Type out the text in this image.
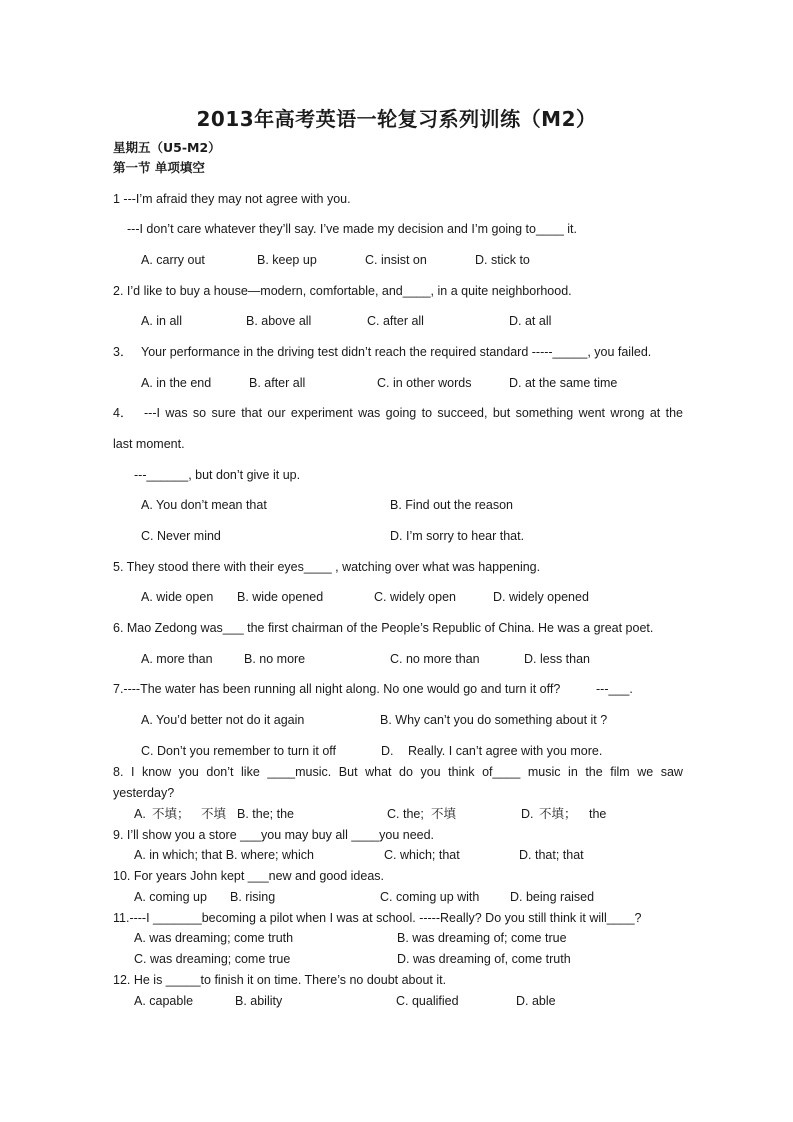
2013年高考英语一轮复习系列训练（M2）
星期五（U5-M2）
第一节 单项填空
1 ---I’m afraid they may not agree with you.
---I don’t care whatever they’ll say. I’ve made my decision and I’m going to____ it.
A. carry out	B. keep up	C. insist on	D. stick to
2. I’d like to buy a house—modern, comfortable, and____, in a quite neighborhood.
A. in all	B. above all	C. after all	D. at all
3． Your performance in the driving test didn’t reach the required standard -----_____, you failed.
A. in the end	B. after all	C. in other words	D. at the same time
4． ---I was so sure that our experiment was going to succeed, but something went wrong at the
last moment.
---______, but don’t give it up.
A. You don’t mean that	B. Find out the reason
C. Never mind	D. I’m sorry to hear that.
5. They stood there with their eyes____ , watching over what was happening.
A. wide open B. wide opened	C. widely open	D. widely opened
6. Mao Zedong was___ the first chairman of the People’s Republic of China. He was a great poet.
A. more than	B. no more	C. no more than	D. less than
7.----The water has been running all night along. No one would go and turn it off?	---___.
A. You’d better not do it again	B. Why can’t you do something about it ?
C. Don’t you remember to turn it off	D. Really. I can’t agree with you more.
8. I know you don’t like ____music. But what do you think of____ music in the film we saw
yesterday?
A. 不填； 不填 B. the; the	C. the; 不填	D. 不填； the
9. I’ll show you a store ___you may buy all ____you need.
A. in which; that B. where; which	C. which; that	D. that; that
10. For years John kept ___new and good ideas.
A. coming up B. rising	C. coming up with D. being raised
11.----I _______becoming a pilot when I was at school. -----Really? Do you still think it will____?
A. was dreaming; come truth	B. was dreaming of; come true
C. was dreaming; come true	D. was dreaming of, come truth
12. He is _____to finish it on time. There’s no doubt about it.
A. capable	B. ability	C. qualified	D. able
